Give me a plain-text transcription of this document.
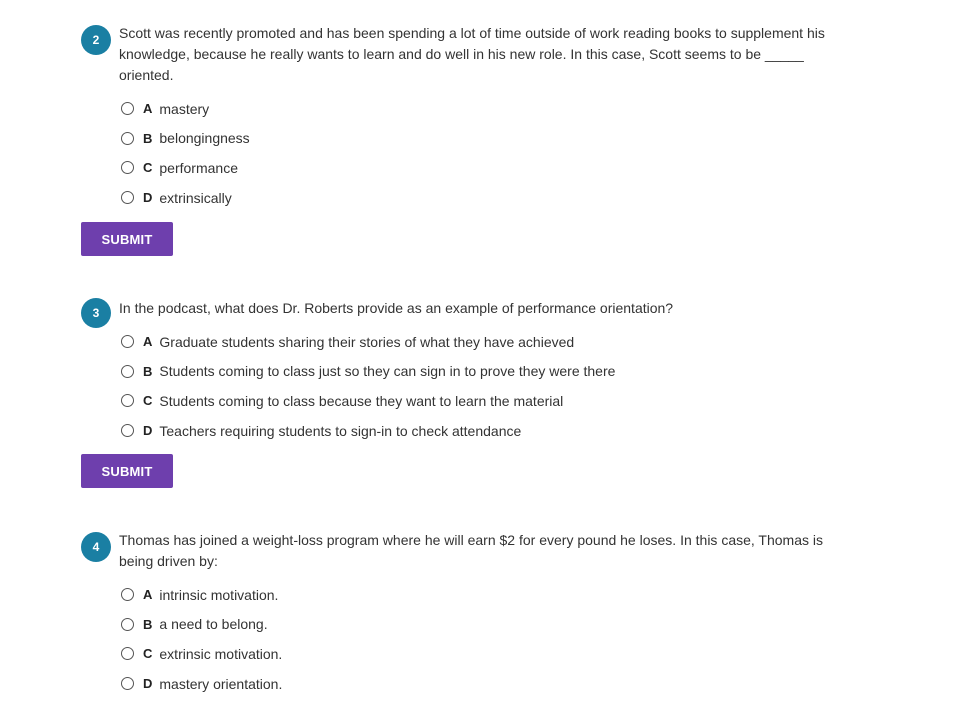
2	Scott was recently promoted and has been spending a lot of time outside of work reading books to supplement his knowledge, because he really wants to learn and do well in his new role. In this case, Scott seems to be _____ oriented.

A mastery
B belongingness
C performance
D extrinsically
SUBMIT
3	In the podcast, what does Dr. Roberts provide as an example of performance orientation?

A Graduate students sharing their stories of what they have achieved
B Students coming to class just so they can sign in to prove they were there
C Students coming to class because they want to learn the material
D Teachers requiring students to sign-in to check attendance
SUBMIT
4	Thomas has joined a weight-loss program where he will earn $2 for every pound he loses. In this case, Thomas is being driven by:

A intrinsic motivation.
B a need to belong.
C extrinsic motivation.
D mastery orientation.
